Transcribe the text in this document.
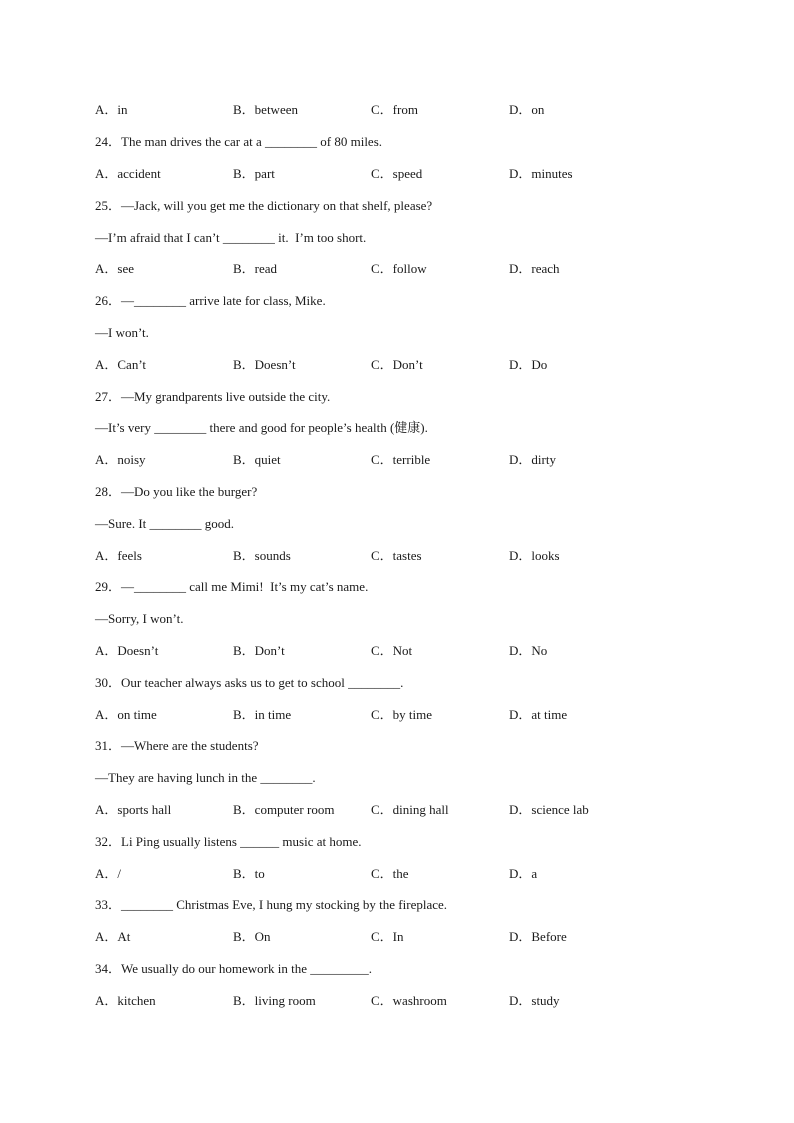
A．in	B．between	C．from	D．on
24．The man drives the car at a ________ of 80 miles.
A．accident	B．part	C．speed	D．minutes
25．—Jack, will you get me the dictionary on that shelf, please?
—I’m afraid that I can’t ________ it.  I’m too short.
A．see	B．read	C．follow	D．reach
26．—________ arrive late for class, Mike.
—I won’t.
A．Can’t	B．Doesn’t	C．Don’t	D．Do
27．—My grandparents live outside the city.
—It’s very ________ there and good for people’s health (健康).
A．noisy	B．quiet	C．terrible	D．dirty
28．—Do you like the burger?
—Sure. It ________ good.
A．feels	B．sounds	C．tastes	D．looks
29．—________ call me Mimi!  It’s my cat’s name.
—Sorry, I won’t.
A．Doesn’t	B．Don’t	C．Not	D．No
30．Our teacher always asks us to get to school ________.
A．on time	B．in time	C．by time	D．at time
31．—Where are the students?
—They are having lunch in the ________.
A．sports hall	B．computer room	C．dining hall	D．science lab
32．Li Ping usually listens ______ music at home.
A．/	B．to	C．the	D．a
33．________ Christmas Eve, I hung my stocking by the fireplace.
A．At	B．On	C．In	D．Before
34．We usually do our homework in the _________.
A．kitchen	B．living room	C．washroom	D．study
